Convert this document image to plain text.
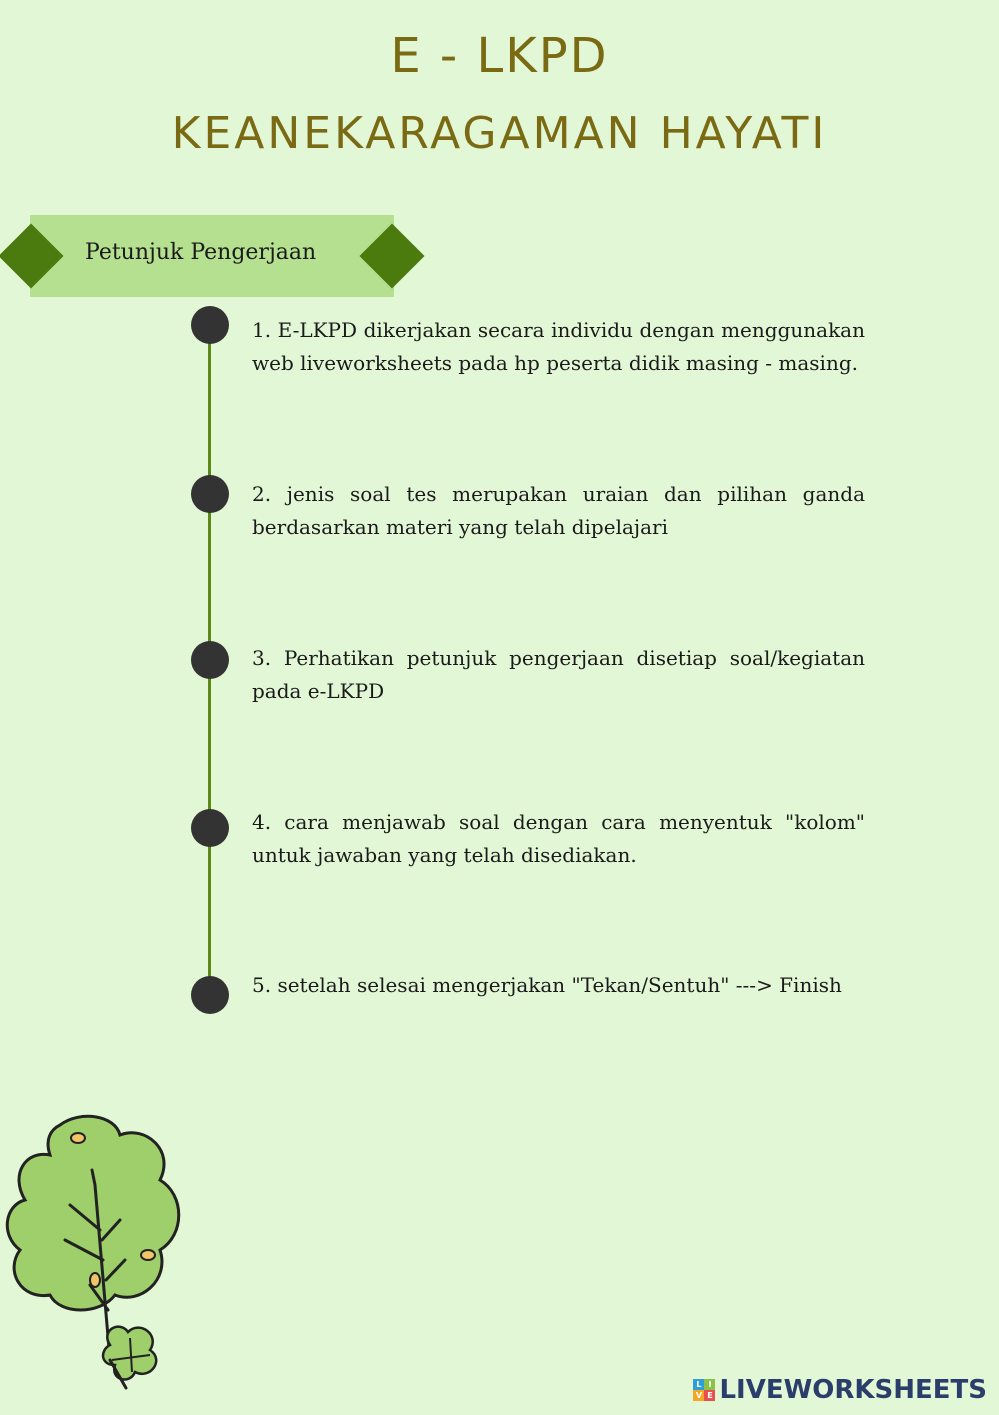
E - LKPD
KEANEKARAGAMAN HAYATI
Petunjuk Pengerjaan

1. E-LKPD dikerjakan secara individu dengan menggunakan web liveworksheets pada hp peserta didik masing - masing.

2. jenis soal tes merupakan uraian dan pilihan ganda berdasarkan materi yang telah dipelajari

3. Perhatikan petunjuk pengerjaan disetiap soal/kegiatan pada e-LKPD

4. cara menjawab soal dengan cara menyentuk "kolom" untuk jawaban yang telah disediakan.

5. setelah selesai mengerjakan "Tekan/Sentuh" ---> Finish

L I
V E LIVEWORKSHEETS
